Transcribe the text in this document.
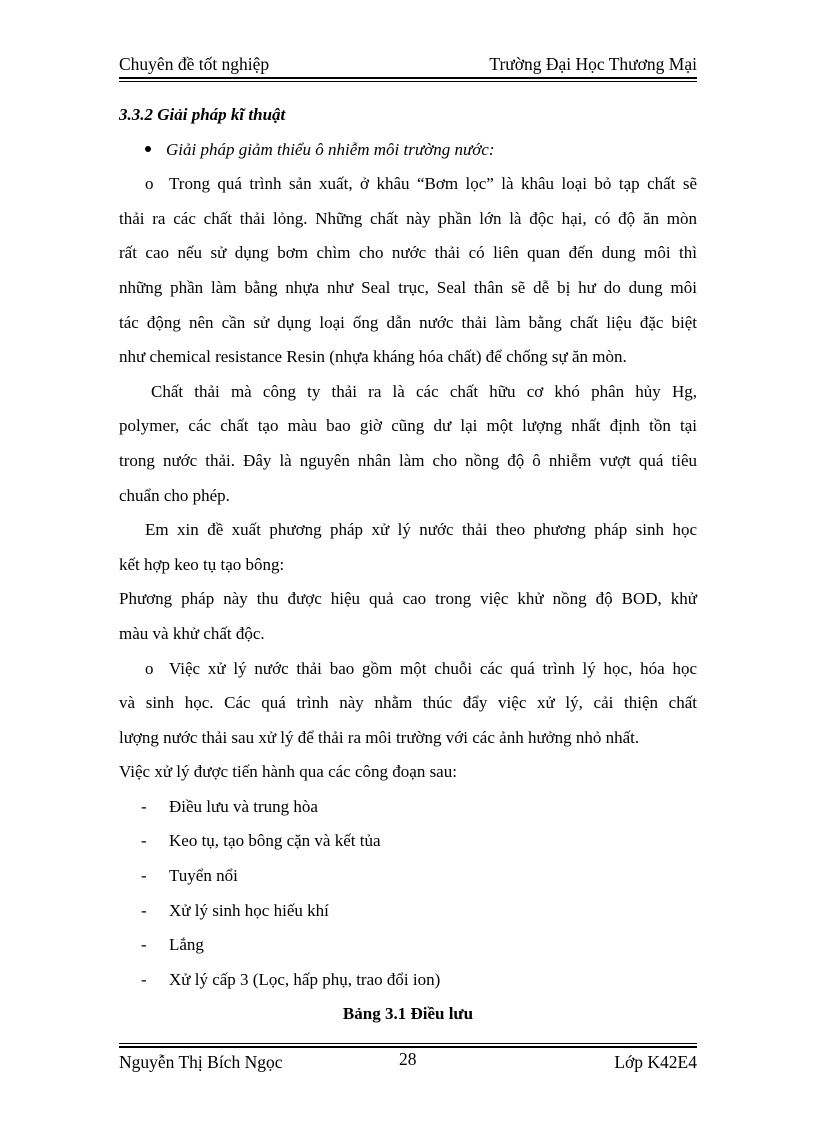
Chuyên đề tốt nghiệp	Trường Đại Học Thương Mại
3.3.2 Giải pháp kĩ thuật
Giải pháp giảm thiểu ô nhiễm môi trường nước:
o Trong quá trình sản xuất, ở khâu “Bơm lọc” là khâu loại bỏ tạp chất sẽ
thải ra các chất thải lỏng. Những chất này phần lớn là độc hại, có độ ăn mòn
rất cao nếu sử dụng bơm chìm cho nước thải có liên quan đến dung môi thì
những phần làm bằng nhựa như Seal trục, Seal thân sẽ dễ bị hư do dung môi
tác động nên cần sử dụng loại ống dẫn nước thải làm bằng chất liệu đặc biệt
như chemical resistance Resin (nhựa kháng hóa chất) để chống sự ăn mòn.
Chất thải mà công ty thải ra là các chất hữu cơ khó phân hủy Hg,
polymer, các chất tạo màu bao giờ cũng dư lại một lượng nhất định tồn tại
trong nước thải. Đây là nguyên nhân làm cho nồng độ ô nhiễm vượt quá tiêu
chuẩn cho phép.
Em xin đề xuất phương pháp xử lý nước thải theo phương pháp sinh học
kết hợp keo tụ tạo bông:
Phương pháp này thu được hiệu quả cao trong việc khử nồng độ BOD, khử
màu và khử chất độc.
o Việc xử lý nước thải bao gồm một chuỗi các quá trình lý học, hóa học
và sinh học. Các quá trình này nhằm thúc đẩy việc xử lý, cải thiện chất
lượng nước thải sau xử lý để thải ra môi trường với các ảnh hưởng nhỏ nhất.
Việc xử lý được tiến hành qua các công đoạn sau:
- Điều lưu và trung hòa
- Keo tụ, tạo bông cặn và kết tủa
- Tuyển nổi
- Xử lý sinh học hiếu khí
- Lắng
- Xử lý cấp 3 (Lọc, hấp phụ, trao đổi ion)
Bảng 3.1 Điều lưu
Nguyễn Thị Bích Ngọc	28	Lớp K42E4
